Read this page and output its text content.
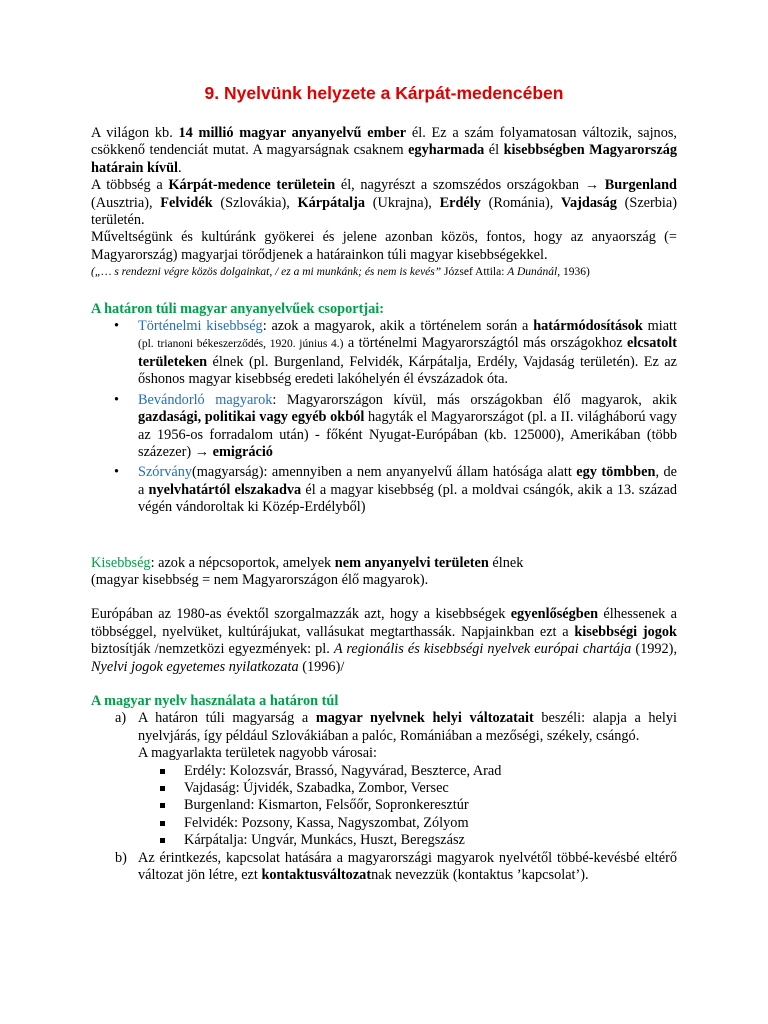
9. Nyelvünk helyzete a Kárpát-medencében

A világon kb. 14 millió magyar anyanyelvű ember él. Ez a szám folyamatosan változik, sajnos, csökkenő tendenciát mutat. A magyarságnak csaknem egyharmada él kisebbségben Magyarország határain kívül.

A többség a Kárpát-medence területein él, nagyrészt a szomszédos országokban → Burgenland (Ausztria), Felvidék (Szlovákia), Kárpátalja (Ukrajna), Erdély (Románia), Vajdaság (Szerbia) területén.

Műveltségünk és kultúránk gyökerei és jelene azonban közös, fontos, hogy az anyaország (= Magyarország) magyarjai törődjenek a határainkon túli magyar kisebbségekkel.

(„… s rendezni végre közös dolgainkat, / ez a mi munkánk; és nem is kevés” József Attila: A Dunánál, 1936)

A határon túli magyar anyanyelvűek csoportjai:

• Történelmi kisebbség: azok a magyarok, akik a történelem során a határmódosítások miatt (pl. trianoni békeszerződés, 1920. június 4.) a történelmi Magyarországtól más országokhoz elcsatolt területeken élnek (pl. Burgenland, Felvidék, Kárpátalja, Erdély, Vajdaság területén). Ez az őshonos magyar kisebbség eredeti lakóhelyén él évszázadok óta.
• Bevándorló magyarok: Magyarországon kívül, más országokban élő magyarok, akik gazdasági, politikai vagy egyéb okból hagyták el Magyarországot (pl. a II. világháború vagy az 1956-os forradalom után) - főként Nyugat-Európában (kb. 125000), Amerikában (több százezer) → emigráció
• Szórvány(magyarság): amennyiben a nem anyanyelvű állam hatósága alatt egy tömbben, de a nyelvhatártól elszakadva él a magyar kisebbség (pl. a moldvai csángók, akik a 13. század végén vándoroltak ki Közép-Erdélyből)

Kisebbség: azok a népcsoportok, amelyek nem anyanyelvi területen élnek

(magyar kisebbség = nem Magyarországon élő magyarok).

Európában az 1980-as évektől szorgalmazzák azt, hogy a kisebbségek egyenlőségben élhessenek a többséggel, nyelvüket, kultúrájukat, vallásukat megtarthassák. Napjainkban ezt a kisebbségi jogok biztosítják /nemzetközi egyezmények: pl. A regionális és kisebbségi nyelvek európai chartája (1992), Nyelvi jogok egyetemes nyilatkozata (1996)/

A magyar nyelv használata a határon túl

a) A határon túli magyarság a magyar nyelvnek helyi változatait beszéli: alapja a helyi nyelvjárás, így például Szlovákiában a palóc, Romániában a mezőségi, székely, csángó.
A magyarlakta területek nagyobb városai:
Erdély: Kolozsvár, Brassó, Nagyvárad, Beszterce, Arad
Vajdaság: Újvidék, Szabadka, Zombor, Versec
Burgenland: Kismarton, Felsőőr, Sopronkeresztúr
Felvidék: Pozsony, Kassa, Nagyszombat, Zólyom
Kárpátalja: Ungvár, Munkács, Huszt, Beregszász
b) Az érintkezés, kapcsolat hatására a magyarországi magyarok nyelvétől többé-kevésbé eltérő változat jön létre, ezt kontaktusváltozatnak nevezzük (kontaktus ’kapcsolat’).
